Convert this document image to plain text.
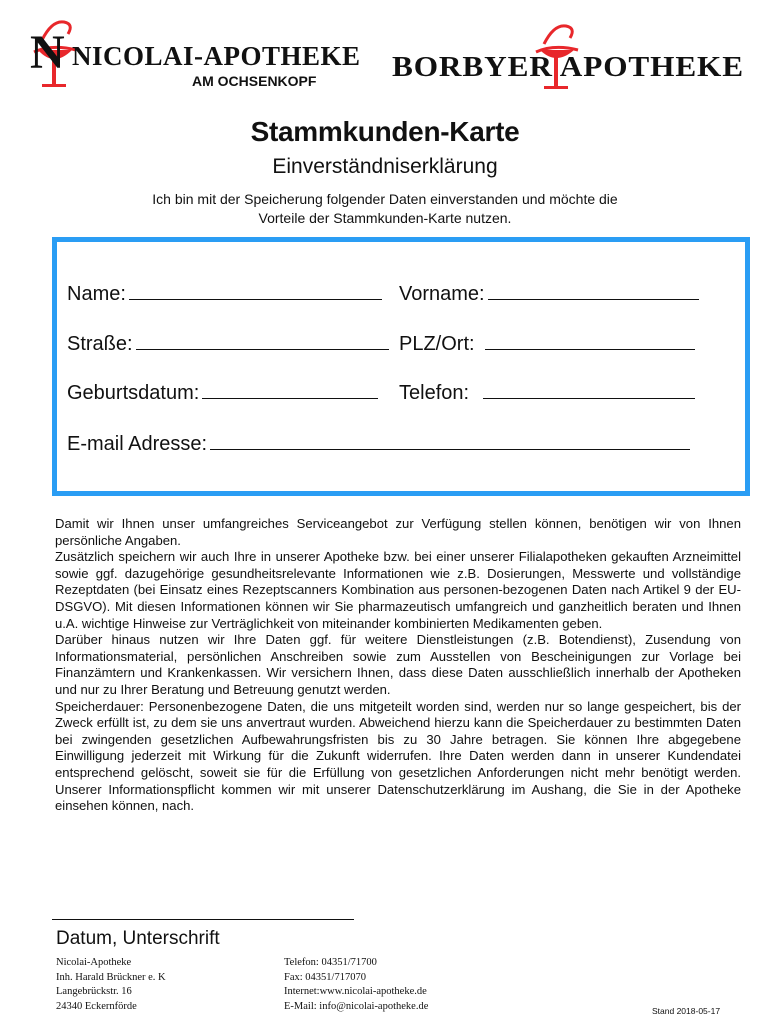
N NICOLAI-APOTHEKE
AM OCHSENKOPF	BORBYER APOTHEKE
Stammkunden-Karte
Einverständniserklärung
Ich bin mit der Speicherung folgender Daten einverstanden und möchte die
Vorteile der Stammkunden-Karte nutzen.
Name:	Vorname:
Straße:	PLZ/Ort:
Geburtsdatum:	Telefon:
E-mail Adresse:

Damit wir Ihnen unser umfangreiches Serviceangebot zur Verfügung stellen können, benötigen wir von Ihnen persönliche Angaben.

Zusätzlich speichern wir auch Ihre in unserer Apotheke bzw. bei einer unserer Filialapotheken gekauften Arzneimittel sowie ggf. dazugehörige gesundheitsrelevante Informationen wie z.B. Dosierungen, Messwerte und vollständige Rezeptdaten (bei Einsatz eines Rezeptscanners Kombination aus personen-bezogenen Daten nach Artikel 9 der EU-DSGVO). Mit diesen Informationen können wir Sie pharmazeutisch umfangreich und ganzheitlich beraten und Ihnen u.A. wichtige Hinweise zur Verträglichkeit von miteinander kombinierten Medikamenten geben.

Darüber hinaus nutzen wir Ihre Daten ggf. für weitere Dienstleistungen (z.B. Botendienst), Zusendung von Informationsmaterial, persönlichen Anschreiben sowie zum Ausstellen von Bescheinigungen zur Vorlage bei Finanzämtern und Krankenkassen. Wir versichern Ihnen, dass diese Daten ausschließlich innerhalb der Apotheken und nur zu Ihrer Beratung und Betreuung genutzt werden.

Speicherdauer: Personenbezogene Daten, die uns mitgeteilt worden sind, werden nur so lange gespeichert, bis der Zweck erfüllt ist, zu dem sie uns anvertraut wurden. Abweichend hierzu kann die Speicherdauer zu bestimmten Daten bei zwingenden gesetzlichen Aufbewahrungsfristen bis zu 30 Jahre betragen. Sie können Ihre abgegebene Einwilligung jederzeit mit Wirkung für die Zukunft widerrufen. Ihre Daten werden dann in unserer Kundendatei entsprechend gelöscht, soweit sie für die Erfüllung von gesetzlichen Anforderungen nicht mehr benötigt werden. Unserer Informationspflicht kommen wir mit unserer Datenschutzerklärung im Aushang, die Sie in der Apotheke einsehen können, nach.

Datum, Unterschrift
Nicolai-Apotheke
Inh. Harald Brückner e. K
Langebrückstr. 16
24340 Eckernförde
Telefon: 04351/71700
Fax: 04351/717070
Internet:www.nicolai-apotheke.de
E-Mail: info@nicolai-apotheke.de	Stand 2018-05-17
